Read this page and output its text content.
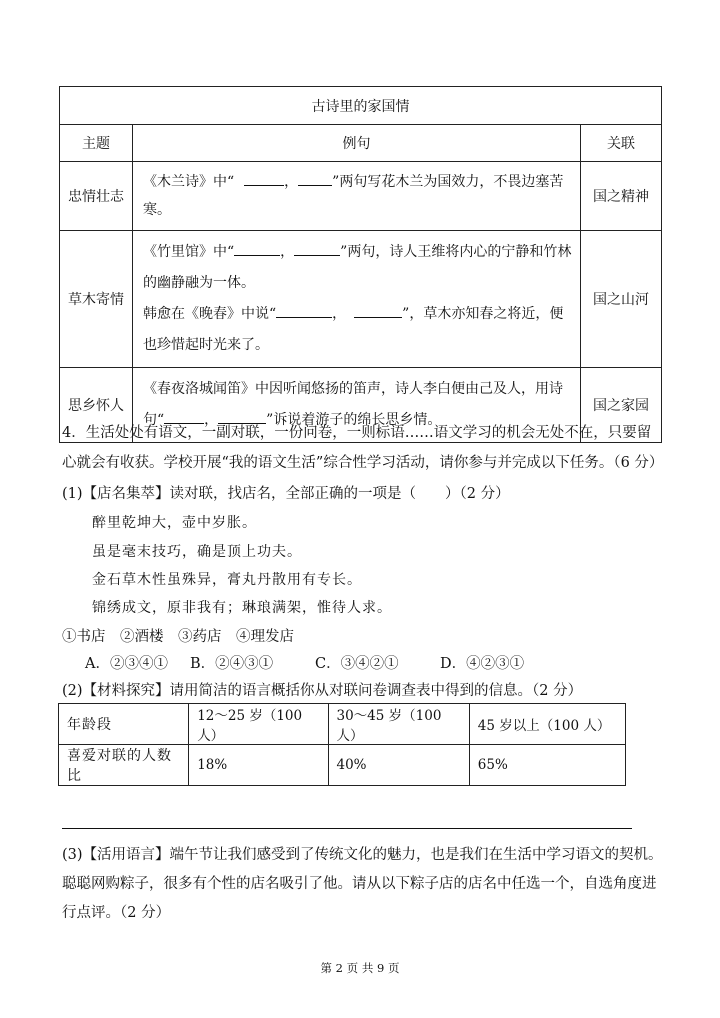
古诗里的家国情		
主题	例句	关联
忠情壮志	《木兰诗》中“ ， ”两句写花木兰为国效力，不畏边塞苦寒。	国之精神
草木寄情	《竹里馆》中“ ， ”两句，诗人王维将内心的宁静和竹林
的幽静融为一体。
韩愈在《晚春》中说“ ， ”，草木亦知春之将近，便
也珍惜起时光来了。	国之山河
思乡怀人	《春夜洛城闻笛》中因听闻悠扬的笛声，诗人李白便由己及人，用诗
句“ ， ”诉说着游子的绵长思乡情。	国之家园
4．生活处处有语文，一副对联，一份问卷，一则标语……语文学习的机会无处不在，只要留
心就会有收获。学校开展“我的语文生活”综合性学习活动，请你参与并完成以下任务。（6 分）
(1)【店名集萃】读对联，找店名，全部正确的一项是（　　）（2 分）
醉里乾坤大，壶中岁胀。
虽是毫末技巧，确是顶上功夫。
金石草木性虽殊异，膏丸丹散用有专长。
锦绣成文，原非我有；琳琅满架，惟待人求。
①书店　②酒楼　③药店　④理发店
A．②③④① B．②④③①	C．③④②①	D．④②③①
(2)【材料探究】请用简洁的语言概括你从对联问卷调查表中得到的信息。（2 分）
年龄段	12～25 岁（100 人）	30～45 岁（100 人）	45 岁以上（100 人）
喜爱对联的人数比	18%	40%	65%
(3)【活用语言】端午节让我们感受到了传统文化的魅力，也是我们在生活中学习语文的契机。
聪聪网购粽子，很多有个性的店名吸引了他。请从以下粽子店的店名中任选一个，自选角度进
行点评。（2 分）
第 2 页 共 9 页
